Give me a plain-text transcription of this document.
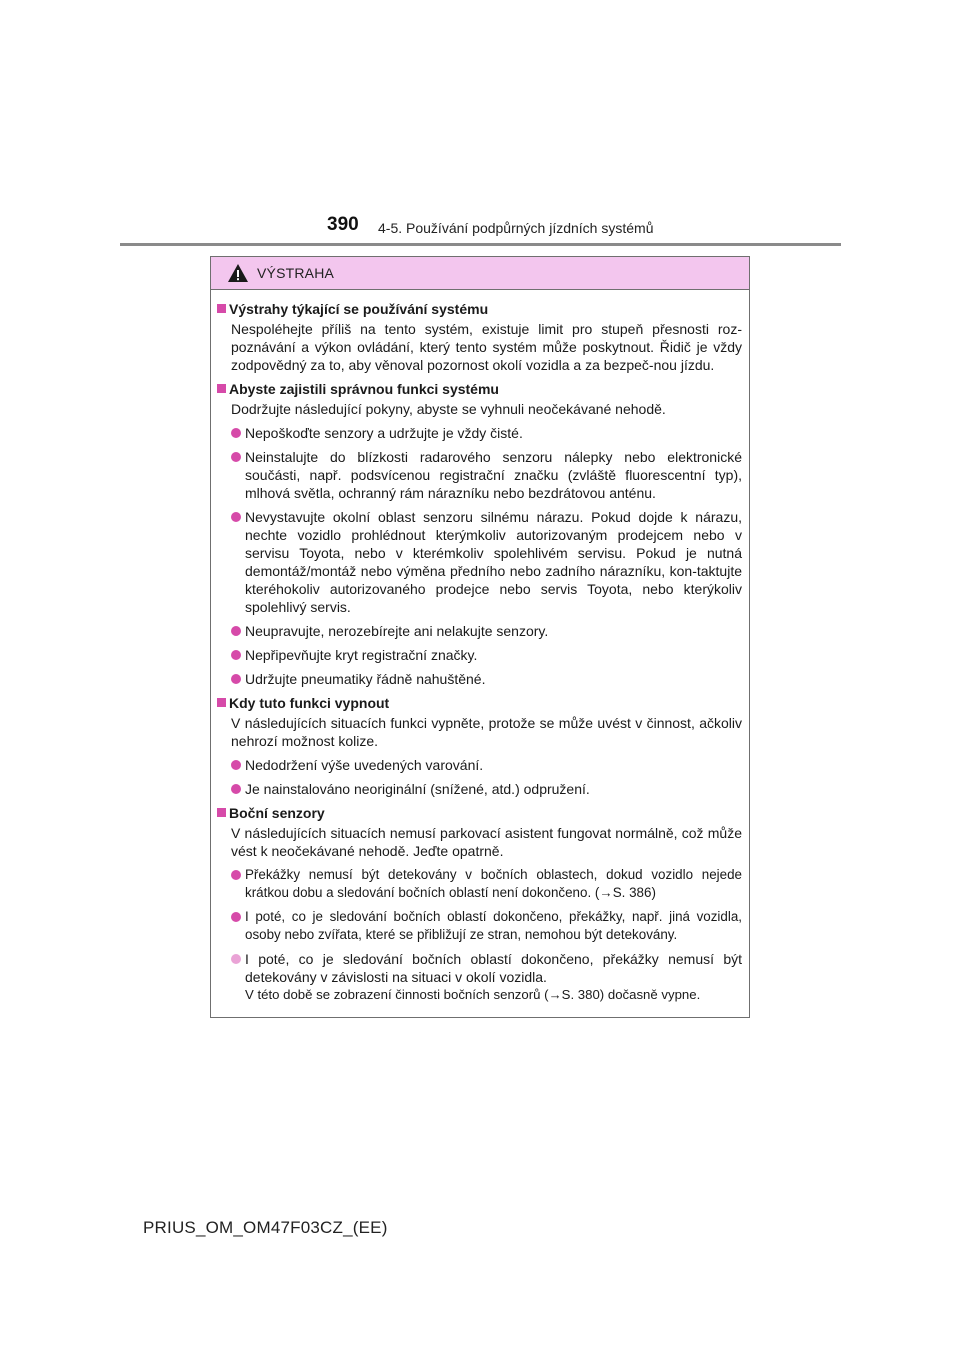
390 4-5. Používání podpůrných jízdních systémů
VÝSTRAHA
Výstrahy týkající se používání systému
Nespoléhejte příliš na tento systém, existuje limit pro stupeň přesnosti roz-poznávání a výkon ovládání, který tento systém může poskytnout. Řidič je vždy zodpovědný za to, aby věnoval pozornost okolí vozidla a za bezpeč-nou jízdu.
Abyste zajistili správnou funkci systému
Dodržujte následující pokyny, abyste se vyhnuli neočekávané nehodě.
Nepoškoďte senzory a udržujte je vždy čisté.
Neinstalujte do blízkosti radarového senzoru nálepky nebo elektronické součásti, např. podsvícenou registrační značku (zvláště fluorescentní typ), mlhová světla, ochranný rám nárazníku nebo bezdrátovou anténu.
Nevystavujte okolní oblast senzoru silnému nárazu. Pokud dojde k nárazu, nechte vozidlo prohlédnout kterýmkoliv autorizovaným prodejcem nebo v servisu Toyota, nebo v kterémkoliv spolehlivém servisu. Pokud je nutná demontáž/montáž nebo výměna předního nebo zadního nárazníku, kon-taktujte kteréhokoliv autorizovaného prodejce nebo servis Toyota, nebo kterýkoliv spolehlivý servis.
Neupravujte, nerozebírejte ani nelakujte senzory.
Nepřipevňujte kryt registrační značky.
Udržujte pneumatiky řádně nahuštěné.
Kdy tuto funkci vypnout
V následujících situacích funkci vypněte, protože se může uvést v činnost, ačkoliv nehrozí možnost kolize.
Nedodržení výše uvedených varování.
Je nainstalováno neoriginální (snížené, atd.) odpružení.
Boční senzory
V následujících situacích nemusí parkovací asistent fungovat normálně, což může vést k neočekávané nehodě. Jeďte opatrně.
Překážky nemusí být detekovány v bočních oblastech, dokud vozidlo nejede krátkou dobu a sledování bočních oblastí není dokončeno. (→S. 386)
I poté, co je sledování bočních oblastí dokončeno, překážky, např. jiná vozidla, osoby nebo zvířata, které se přibližují ze stran, nemohou být detekovány.
I poté, co je sledování bočních oblastí dokončeno, překážky nemusí být detekovány v závislosti na situaci v okolí vozidla.
V této době se zobrazení činnosti bočních senzorů (→S. 380) dočasně vypne.
PRIUS_OM_OM47F03CZ_(EE)
